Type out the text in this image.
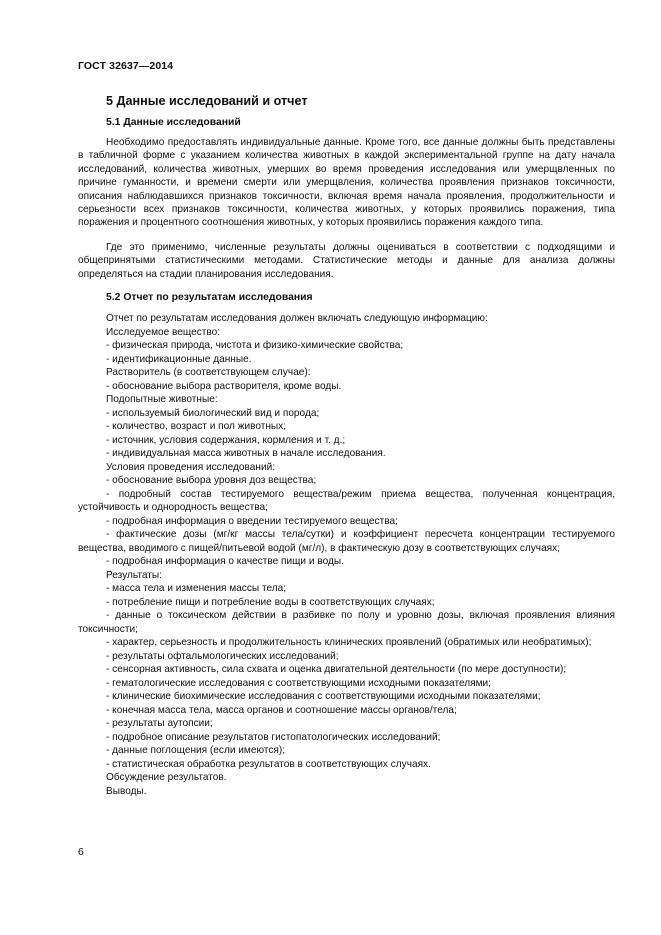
ГОСТ 32637—2014
5 Данные исследований и отчет
5.1 Данные исследований

Необходимо предоставлять индивидуальные данные. Кроме того, все данные должны быть представлены в табличной форме с указанием количества животных в каждой экспериментальной группе на дату начала исследований, количества животных, умерших во время проведения исследования или умерщвленных по причине гуманности, и времени смерти или умерщвления, количества проявления признаков токсичности, описания наблюдавшихся признаков токсичности, включая время начала проявления, продолжительности и серьезности всех признаков токсичности, количества животных, у которых проявились поражения, типа поражения и процентного соотношения животных, у которых проявились поражения каждого типа.

Где это применимо, численные результаты должны оцениваться в соответствии с подходящими и общепринятыми статистическими методами. Статистические методы и данные для анализа должны определяться на стадии планирования исследования.

5.2 Отчет по результатам исследования

Отчет по результатам исследования должен включать следующую информацию:

Исследуемое вещество:

- физическая природа, чистота и физико-химические свойства;

- идентификационные данные.

Растворитель (в соответствующем случае):

- обоснование выбора растворителя, кроме воды.

Подопытные животные:

- используемый биологический вид и порода;

- количество, возраст и пол животных;

- источник, условия содержания, кормления и т. д.;

- индивидуальная масса животных в начале исследования.

Условия проведения исследований:

- обоснование выбора уровня доз вещества;

- подробный состав тестируемого вещества/режим приема вещества, полученная концентрация, устойчивость и однородность вещества;

- подробная информация о введении тестируемого вещества;

- фактические дозы (мг/кг массы тела/сутки) и коэффициент пересчета концентрации тестируемого вещества, вводимого с пищей/питьевой водой (мг/л), в фактическую дозу в соответствующих случаях;

- подробная информация о качестве пищи и воды.

Результаты:

- масса тела и изменения массы тела;

- потребление пищи и потребление воды в соответствующих случаях;

- данные о токсическом действии в разбивке по полу и уровню дозы, включая проявления влияния токсичности;

- характер, серьезность и продолжительность клинических проявлений (обратимых или необратимых);

- результаты офтальмологических исследований;

- сенсорная активность, сила схвата и оценка двигательной деятельности (по мере доступности);

- гематологические исследования с соответствующими исходными показателями;

- клинические биохимические исследования с соответствующими исходными показателями;

- конечная масса тела, масса органов и соотношение массы органов/тела;

- результаты аутопсии;

- подробное описание результатов гистопатологических исследований;

- данные поглощения (если имеются);

- статистическая обработка результатов в соответствующих случаях.

Обсуждение результатов.

Выводы.

6
